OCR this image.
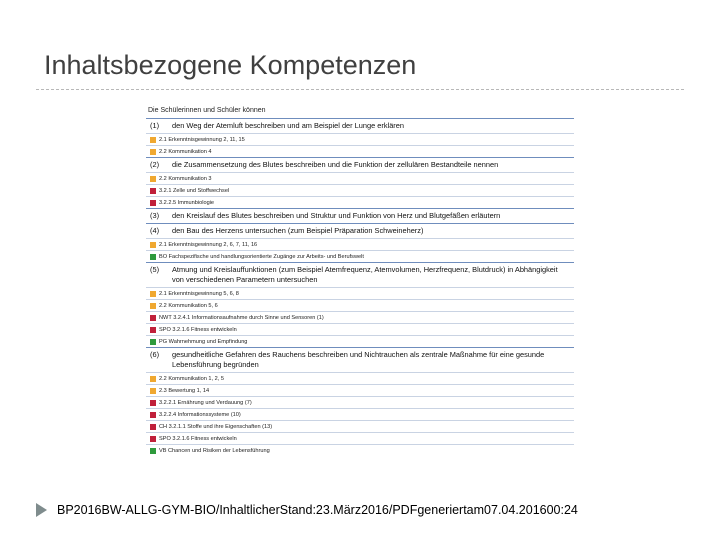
Inhaltsbezogene Kompetenzen
Die Schülerinnen und Schüler können
(1)	den Weg der Atemluft beschreiben und am Beispiel der Lunge erklären
2.1 Erkenntnisgewinnung 2, 11, 15
2.2 Kommunikation 4
(2)	die Zusammensetzung des Blutes beschreiben und die Funktion der zellulären Bestandteile nennen
2.2 Kommunikation 3
3.2.1 Zelle und Stoffwechsel
3.2.2.5 Immunbiologie
(3)	den Kreislauf des Blutes beschreiben und Struktur und Funktion von Herz und Blutgefäßen erläutern
(4)	den Bau des Herzens untersuchen (zum Beispiel Präparation Schweineherz)
2.1 Erkenntnisgewinnung 2, 6, 7, 11, 16
BO Fachspezifische und handlungsorientierte Zugänge zur Arbeits- und Berufswelt
(5)	Atmung und Kreislauffunktionen (zum Beispiel Atemfrequenz, Atemvolumen, Herzfrequenz, Blutdruck) in Abhängigkeit von verschiedenen Parametern untersuchen
2.1 Erkenntnisgewinnung 5, 6, 8
2.2 Kommunikation 5, 6
NWT 3.2.4.1 Informationsaufnahme durch Sinne und Sensoren (1)
SPO 3.2.1.6 Fitness entwickeln
PG Wahrnehmung und Empfindung
(6)	gesundheitliche Gefahren des Rauchens beschreiben und Nichtrauchen als zentrale Maßnahme für eine gesunde Lebensführung begründen
2.2 Kommunikation 1, 2, 5
2.3 Bewertung 1, 14
3.2.2.1 Ernährung und Verdauung (7)
3.2.2.4 Informationssysteme (10)
CH 3.2.1.1 Stoffe und ihre Eigenschaften (13)
SPO 3.2.1.6 Fitness entwickeln
VB Chancen und Risiken der Lebensführung
BP2016BW-ALLG-GYM-BIO/InhaltlicherStand:23.März2016/PDFgeneriertam07.04.201600:24
